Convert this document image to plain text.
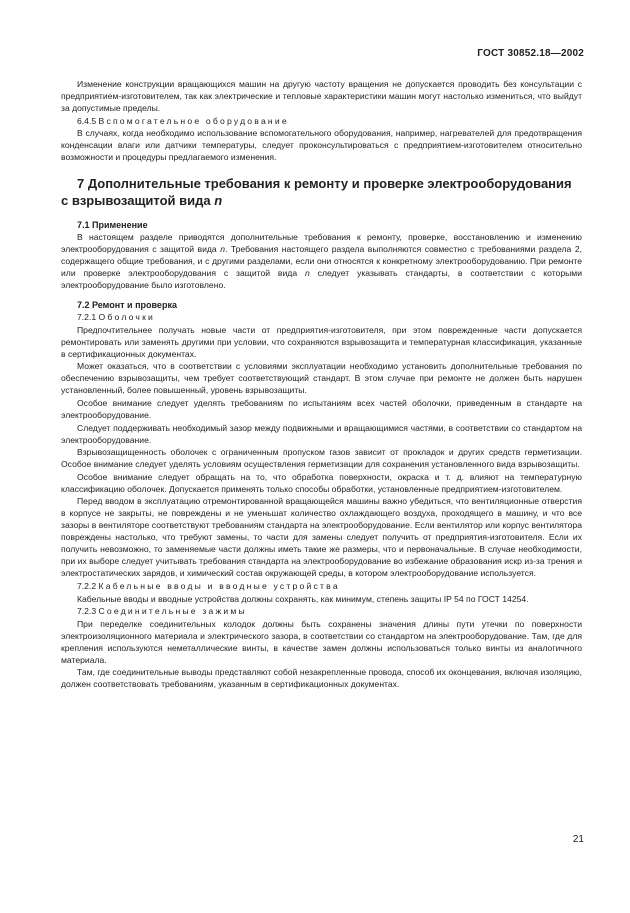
ГОСТ 30852.18—2002

Изменение конструкции вращающихся машин на другую частоту вращения не допускается проводить без консультации с предприятием-изготовителем, так как электрические и тепловые характеристики машин могут настолько измениться, что выйдут за допустимые пределы.

6.4.5 Вспомогательное оборудование

В случаях, когда необходимо использование вспомогательного оборудования, например, нагревателей для предотвращения конденсации влаги или датчики температуры, следует проконсультироваться с предприятием-изготовителем относительно возможности и процедуры предлагаемого изменения.

7 Дополнительные требования к ремонту и проверке электрооборудования с взрывозащитой вида n
7.1 Применение

В настоящем разделе приводятся дополнительные требования к ремонту, проверке, восстановлению и изменению электрооборудования с защитой вида n. Требования настоящего раздела выполняются совместно с требованиями раздела 2, содержащего общие требования, и с другими разделами, если они относятся к конкретному электрооборудованию. При ремонте или проверке электрооборудования с защитой вида n следует указывать стандарты, в соответствии с которыми электрооборудование было изготовлено.

7.2 Ремонт и проверка

7.2.1 Оболочки

Предпочтительнее получать новые части от предприятия-изготовителя, при этом поврежденные части допускается ремонтировать или заменять другими при условии, что сохраняются взрывозащита и температурная классификация, указанные в сертификационных документах.

Может оказаться, что в соответствии с условиями эксплуатации необходимо установить дополнительные требования по обеспечению взрывозащиты, чем требует соответствующий стандарт. В этом случае при ремонте не должен быть нарушен установленный, более повышенный, уровень взрывозащиты.

Особое внимание следует уделять требованиям по испытаниям всех частей оболочки, приведенным в стандарте на электрооборудование.

Следует поддерживать необходимый зазор между подвижными и вращающимися частями, в соответствии со стандартом на электрооборудование.

Взрывозащищенность оболочек с ограниченным пропуском газов зависит от прокладок и других средств герметизации. Особое внимание следует уделять условиям осуществления герметизации для сохранения установленного вида взрывозащиты.

Особое внимание следует обращать на то, что обработка поверхности, окраска и т. д. влияют на температурную классификацию оболочек. Допускается применять только способы обработки, установленные предприятием-изготовителем.

Перед вводом в эксплуатацию отремонтированной вращающейся машины важно убедиться, что вентиляционные отверстия в корпусе не закрыты, не повреждены и не уменьшат количество охлаждающего воздуха, проходящего в машину, и что все зазоры в вентиляторе соответствуют требованиям стандарта на электрооборудование. Если вентилятор или корпус вентилятора повреждены настолько, что требуют замены, то части для замены следует получить от предприятия-изготовителя. Если их получить невозможно, то заменяемые части должны иметь такие же размеры, что и первоначальные. В случае необходимости, при их выборе следует учитывать требования стандарта на электрооборудование во избежание образования искр из-за трения и электростатических зарядов, и химический состав окружающей среды, в котором электрооборудование используется.

7.2.2 Кабельные вводы и вводные устройства

Кабельные вводы и вводные устройства должны сохранять, как минимум, степень защиты IP 54 по ГОСТ 14254.

7.2.3 Соединительные зажимы

При переделке соединительных колодок должны быть сохранены значения длины пути утечки по поверхности электроизоляционного материала и электрического зазора, в соответствии со стандартом на электрооборудование. Там, где для крепления используются неметаллические винты, в качестве замен должны использоваться только винты из аналогичного материала.

Там, где соединительные выводы представляют собой незакрепленные провода, способ их оконцевания, включая изоляцию, должен соответствовать требованиям, указанным в сертификационных документах.

21
